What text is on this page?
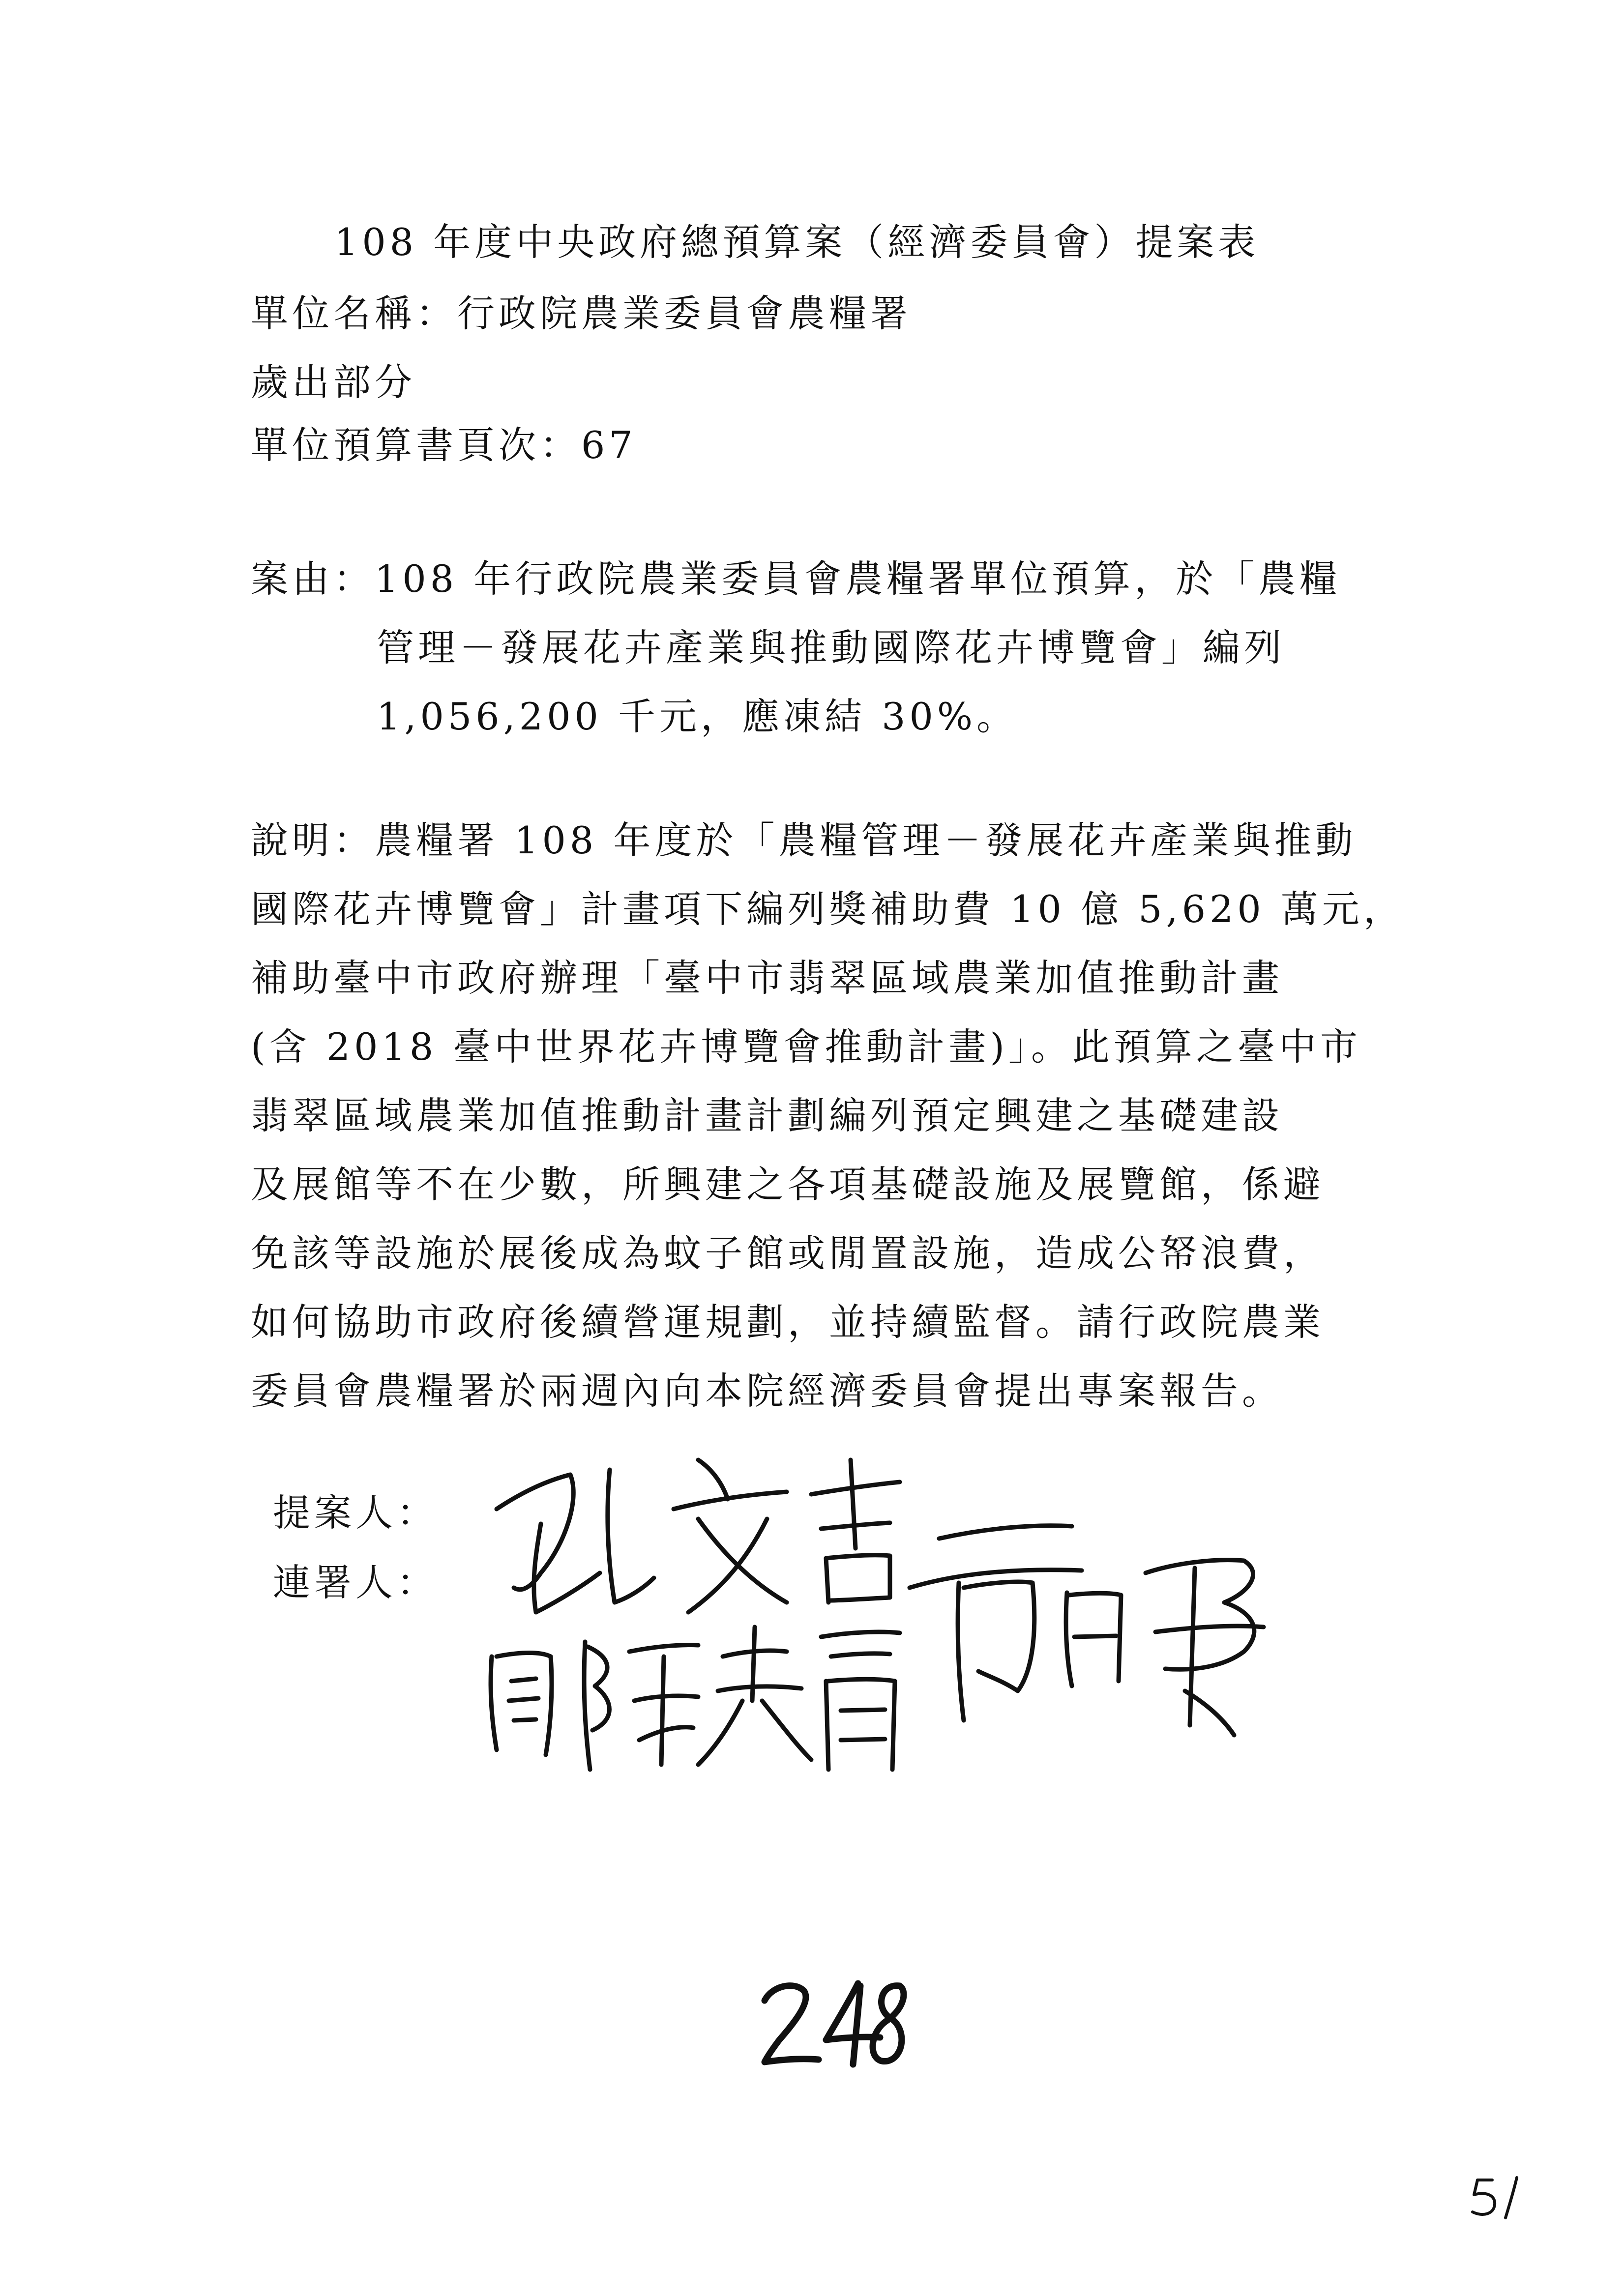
108 年度中央政府總預算案（經濟委員會）提案表
單位名稱：行政院農業委員會農糧署
歲出部分
單位預算書頁次：67
案由：108 年行政院農業委員會農糧署單位預算，於「農糧
管理－發展花卉產業與推動國際花卉博覽會」編列
1,056,200 千元，應凍結 30%。
說明：農糧署 108 年度於「農糧管理－發展花卉產業與推動
國際花卉博覽會」計畫項下編列獎補助費 10 億 5,620 萬元，
補助臺中市政府辦理「臺中市翡翠區域農業加值推動計畫
(含 2018 臺中世界花卉博覽會推動計畫)」。此預算之臺中市
翡翠區域農業加值推動計畫計劃編列預定興建之基礎建設
及展館等不在少數，所興建之各項基礎設施及展覽館，係避
免該等設施於展後成為蚊子館或閒置設施，造成公帑浪費，
如何協助市政府後續營運規劃，並持續監督。請行政院農業
委員會農糧署於兩週內向本院經濟委員會提出專案報告。
提案人：
連署人：
